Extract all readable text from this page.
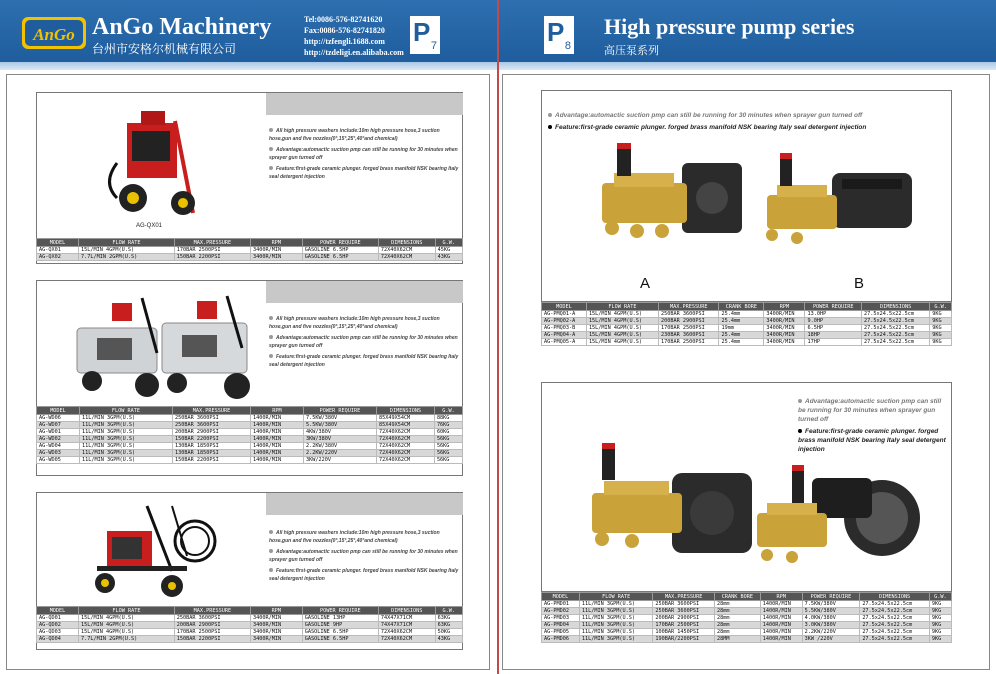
AnGo AnGo Machinery
台州市安格尔机械有限公司
Tel:0086-576-82741620
Fax:0086-576-82741820
http://tzfengli.1688.com
http://tzdeligi.en.alibaba.com
P 7
AG-QX01
All high pressure washers include:10m high pressure hose,3 suction hose,gun and five nozzles(0°,15°,25°,40°and chemical)
Advantage:automactic suction pmp can still be running for 30 minutes when sprayer gun turned off
Feature:first-grade ceramic plunger. forged brass manifold NSK bearing Italy seal detergent injection
MODEL	FLOW RATE	MAX.PRESSURE	RPM	POWER REQUIRE	DIMENSIONS	G.W.
AG-QX01	15L/MIN 4GPM(U.S)	170BAR 2500PSI	3400R/MIN	GASOLINE 6.5HP	72X40X62CM	45KG
AG-QX02	7.7L/MIN 2GPM(U.S)	150BAR 2200PSI	3400R/MIN	GASOLINE 6.5HP	72X40X62CM	43KG
All high pressure washers include:10m high pressure hose,3 suction hose,gun and five nozzles(0°,15°,25°,40°and chemical)
Advantage:automactic suction pmp can still be running for 30 minutes when sprayer gun turned off
Feature:first-grade ceramic plunger. forged brass manifold NSK bearing Italy seal detergent injection
MODEL	FLOW RATE	MAX.PRESSURE	RPM	POWER REQUIRE	DIMENSIONS	G.W.
AG-WD06	11L/MIN 3GPM(U.S)	250BAR 3600PSI	1400R/MIN	7.5KW/380V	85X49X54CM	88KG
AG-WD07	11L/MIN 3GPM(U.S)	250BAR 3600PSI	1400R/MIN	5.5KW/380V	85X49X54CM	76KG
AG-WD01	11L/MIN 3GPM(U.S)	200BAR 2900PSI	1400R/MIN	4KW/380V	72X40X62CM	60KG
AG-WD02	11L/MIN 3GPM(U.S)	150BAR 2200PSI	1400R/MIN	3KW/380V	72X40X62CM	56KG
AG-WD04	11L/MIN 3GPM(U.S)	130BAR 1850PSI	1400R/MIN	2.2KW/380V	72X40X62CM	56KG
AG-WD03	11L/MIN 3GPM(U.S)	130BAR 1850PSI	1400R/MIN	2.2KW/220V	72X40X62CM	56KG
AG-WD05	11L/MIN 3GPM(U.S)	150BAR 2200PSI	1400R/MIN	3KW/220V	72X40X62CM	56KG
All high pressure washers include:10m high pressure hose,3 suction hose,gun and five nozzles(0°,15°,25°,40°and chemical)
Advantage:automactic suction pmp can still be running for 30 minutes when sprayer gun turned off
Feature:first-grade ceramic plunger. forged brass manifold NSK bearing Italy seal detergent injection
MODEL	FLOW RATE	MAX.PRESSURE	RPM	POWER REQUIRE	DIMENSIONS	G.W.
AG-QD01	15L/MIN 4GPM(U.S)	250BAR 3600PSI	3400R/MIN	GASOLINE 13HP	74X47X71CM	63KG
AG-QD02	15L/MIN 4GPM(U.S)	200BAR 2900PSI	3400R/MIN	GASOLINE 9HP	74X47X71CM	63KG
AG-QD03	15L/MIN 4GPM(U.S)	170BAR 2500PSI	3400R/MIN	GASOLINE 6.5HP	72X40X62CM	50KG
AG-QD04	7.7L/MIN 2GPM(U.S)	150BAR 2200PSI	3400R/MIN	GASOLINE 6.5HP	72X40X62CM	43KG
P 8
High pressure pump series
高压泵系列
Advantage:automactic suction pmp can still be running for 30 minutes when sprayer gun turned off
Feature:first-grade ceramic plunger. forged brass manifold NSK bearing Italy seal detergent injection
A	B
MODEL	FLOW RATE	MAX.PRESSURE	CRANK BORE	RPM	POWER REQUIRE	DIMENSIONS	G.W.
AG-PMQ01-A	15L/MIN 4GPM(U.S)	250BAR 3600PSI	25.4mm	3400R/MIN	13.0HP	27.5x24.5x22.5cm	9KG
AG-PMQ02-A	15L/MIN 4GPM(U.S)	200BAR 2900PSI	25.4mm	3400R/MIN	9.0HP	27.5x24.5x22.5cm	9KG
AG-PMQ03-B	15L/MIN 4GPM(U.S)	170BAR 2500PSI	19mm	3400R/MIN	6.5HP	27.5x24.5x22.5cm	9KG
AG-PMQ04-A	15L/MIN 4GPM(U.S)	230BAR 3600PSI	25.4mm	3400R/MIN	18HP	27.5x24.5x22.5cm	9KG
AG-PMQ05-A	15L/MIN 4GPM(U.S)	170BAR 2500PSI	25.4mm	3400R/MIN	17HP	27.5x24.5x22.5cm	9KG
Advantage:automactic suction pmp can still be running for 30 minutes when sprayer gun turned off
Feature:first-grade ceramic plunger. forged brass manifold NSK bearing Italy seal detergent injection
MODEL	FLOW RATE	MAX.PRESSURE	CRANK BORE	RPM	POWER REQUIRE	DIMENSIONS	G.W.
AG-PMD01	11L/MIN 3GPM(U.S)	250BAR 3600PSI	28mm	1400R/MIN	7.5KW/380V	27.5x24.5x22.5cm	9KG
AG-PMD02	11L/MIN 3GPM(U.S)	250BAR 3600PSI	28mm	1400R/MIN	5.5KW/380V	27.5x24.5x22.5cm	9KG
AG-PMD03	11L/MIN 3GPM(U.S)	200BAR 2900PSI	28mm	1400R/MIN	4.0KW/380V	27.5x24.5x22.5cm	9KG
AG-PMD04	11L/MIN 3GPM(U.S)	170BAR 2500PSI	28mm	1400R/MIN	3.0KW/380V	27.5x24.5x22.5cm	9KG
AG-PMD05	11L/MIN 3GPM(U.S)	100BAR 1450PSI	28mm	1400R/MIN	2.2KW/220V	27.5x24.5x22.5cm	9KG
AG-PMD06	11L/MIN 3GPM(U.S)	190BAR/2200PSI	28MM	1400R/MIN	3KW /220V	27.5x24.5x22.5cm	9KG
